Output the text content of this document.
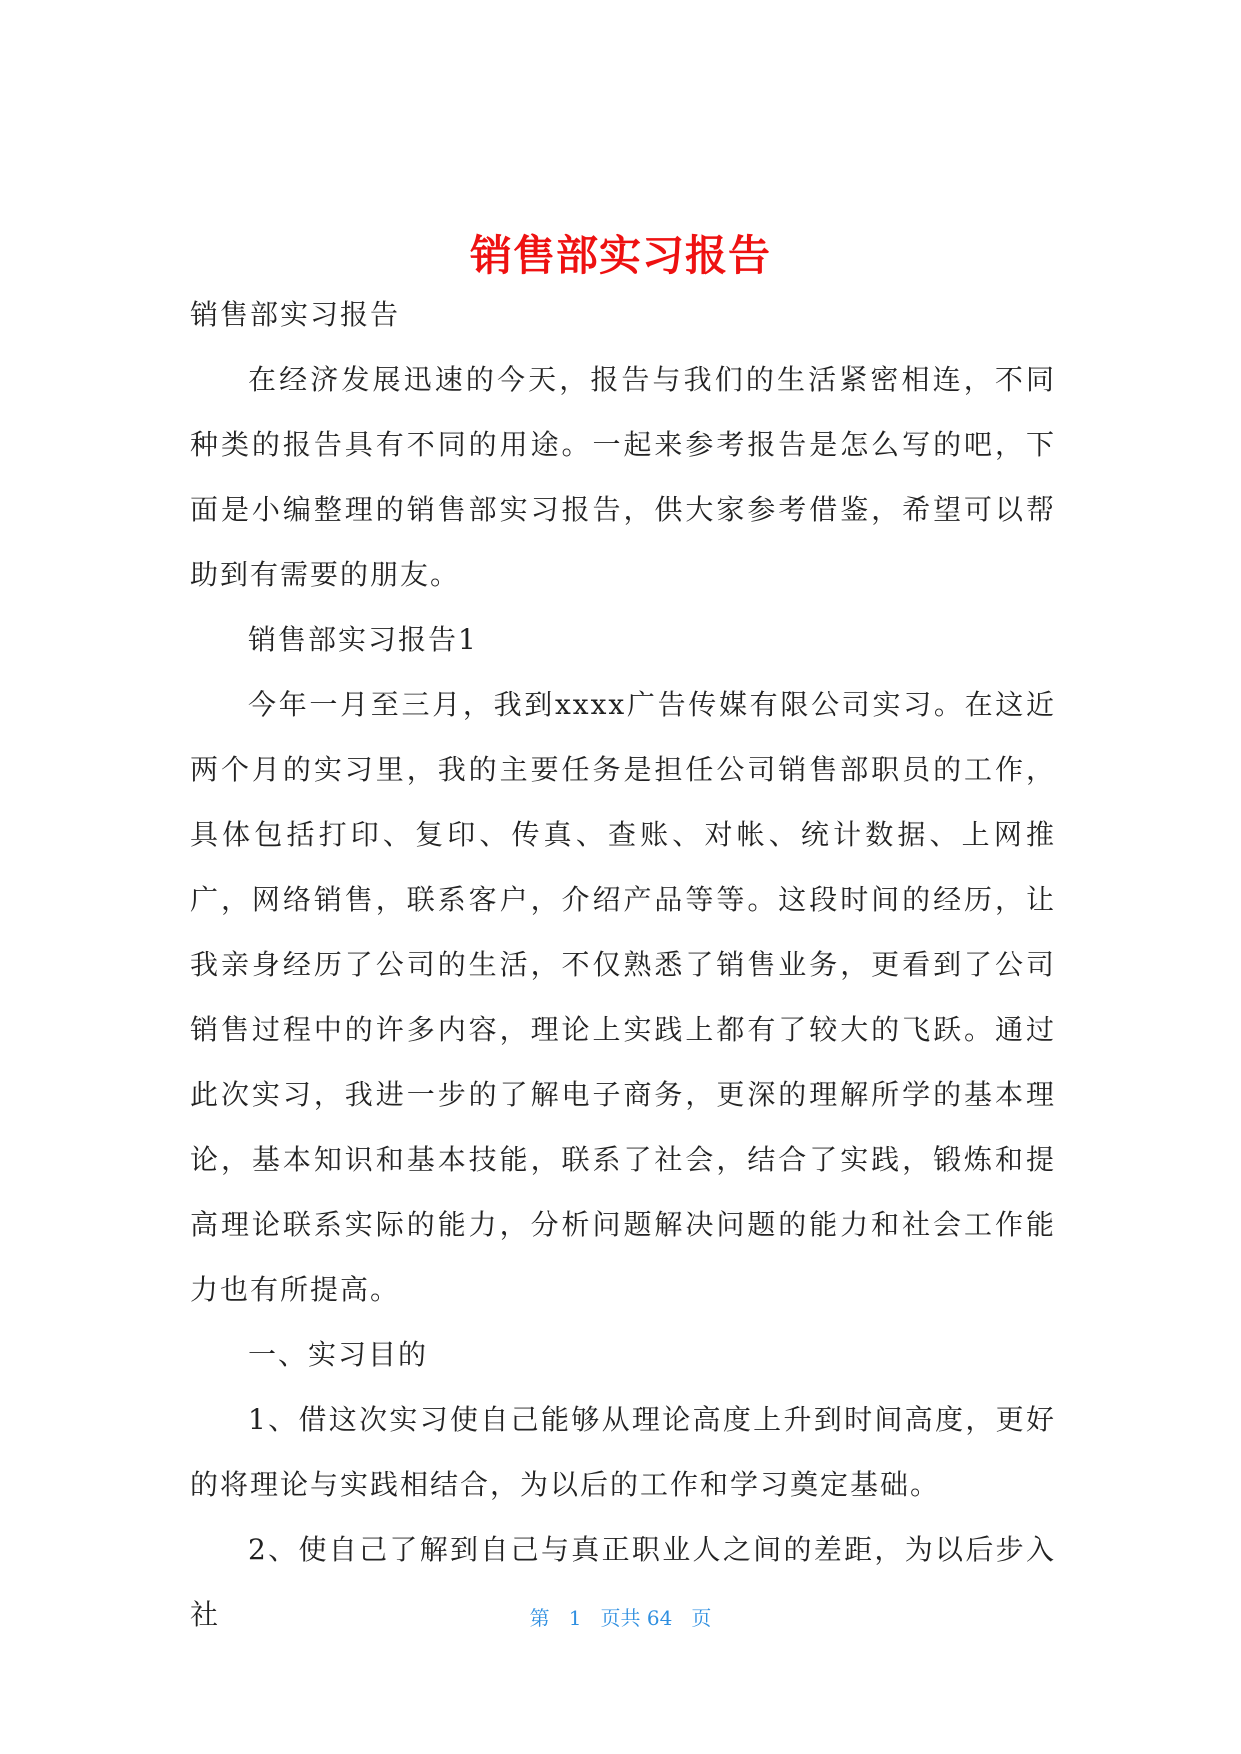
销售部实习报告

销售部实习报告

在经济发展迅速的今天，报告与我们的生活紧密相连，不同种类的报告具有不同的用途。一起来参考报告是怎么写的吧，下面是小编整理的销售部实习报告，供大家参考借鉴，希望可以帮助到有需要的朋友。

销售部实习报告1

今年一月至三月，我到xxxx广告传媒有限公司实习。在这近两个月的实习里，我的主要任务是担任公司销售部职员的工作，具体包括打印、复印、传真、查账、对帐、统计数据、上网推广，网络销售，联系客户，介绍产品等等。这段时间的经历，让我亲身经历了公司的生活，不仅熟悉了销售业务，更看到了公司销售过程中的许多内容，理论上实践上都有了较大的飞跃。通过此次实习，我进一步的了解电子商务，更深的理解所学的基本理论，基本知识和基本技能，联系了社会，结合了实践，锻炼和提高理论联系实际的能力，分析问题解决问题的能力和社会工作能力也有所提高。

一、实习目的

1、借这次实习使自己能够从理论高度上升到时间高度，更好的将理论与实践相结合，为以后的工作和学习奠定基础。

2、使自己了解到自己与真正职业人之间的差距，为以后步入社	第 1 页共 64 页
